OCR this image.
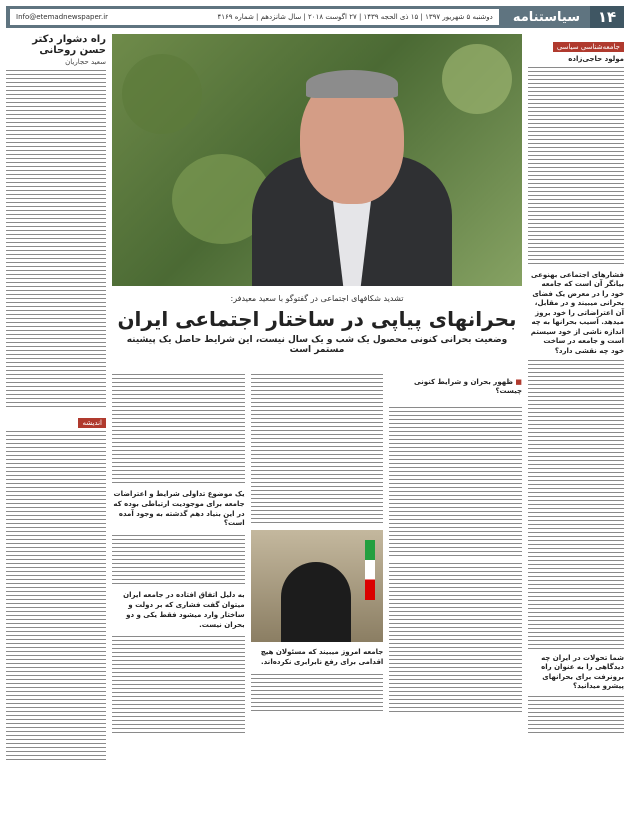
۱۴
سیاستنامه
دوشنبه ۵ شهریور ۱۳۹۷ | ۱۵ ذی الحجه ۱۴۳۹ | ۲۷ اگوست ۲۰۱۸ | سال شانزدهم | شماره ۴۱۶۹
Info@etemadnewspaper.ir
جامعه‌شناسی سیاسی
مولود حاجی‌زاده
فشارهای اجتماعی بهنوعی بیانگر آن است که جامعه خود را در معرض یک فضای بحرانی میبیند و در مقابل، آن اعتراضاتی را خود بروز میدهد. آسیب بحرانها به چه اندازه ناشی از خود سیستم است و جامعه در ساخت خود چه نقشی دارد؟
شما تحولات در ایران چه دیدگاهی را به عنوان راه برونرفت برای بحرانهای پیشرو میدانید؟
راه دشوار دکتر حسن روحانی
سعید حجاریان
اندیشه
تشدید شکافهای اجتماعی در گفتوگو با سعید معیدفر:
بحرانهای پیاپی در ساختار اجتماعی ایران
وضعیت بحرانی کنونی محصول یک شب و یک سال نیست، این شرایط حاصل یک پیشینه مستمر است
■ ظهور بحران و شرایط کنونی چیست؟
جامعه امروز میبیند که مسئولان هیچ اقدامی برای رفع نابرابری نکرده‌اند.
یک موضوع تداولی شرایط و اعتراضات جامعه برای موجودیت ارتباطی بوده که در این بنیاد دهم گذشته به وجود آمده است؟
به دلیل اتفاق افتاده در جامعه ایران میتوان گفت فشاری که بر دولت و ساختار وارد میشود فقط یکی و دو بحران نیست.
